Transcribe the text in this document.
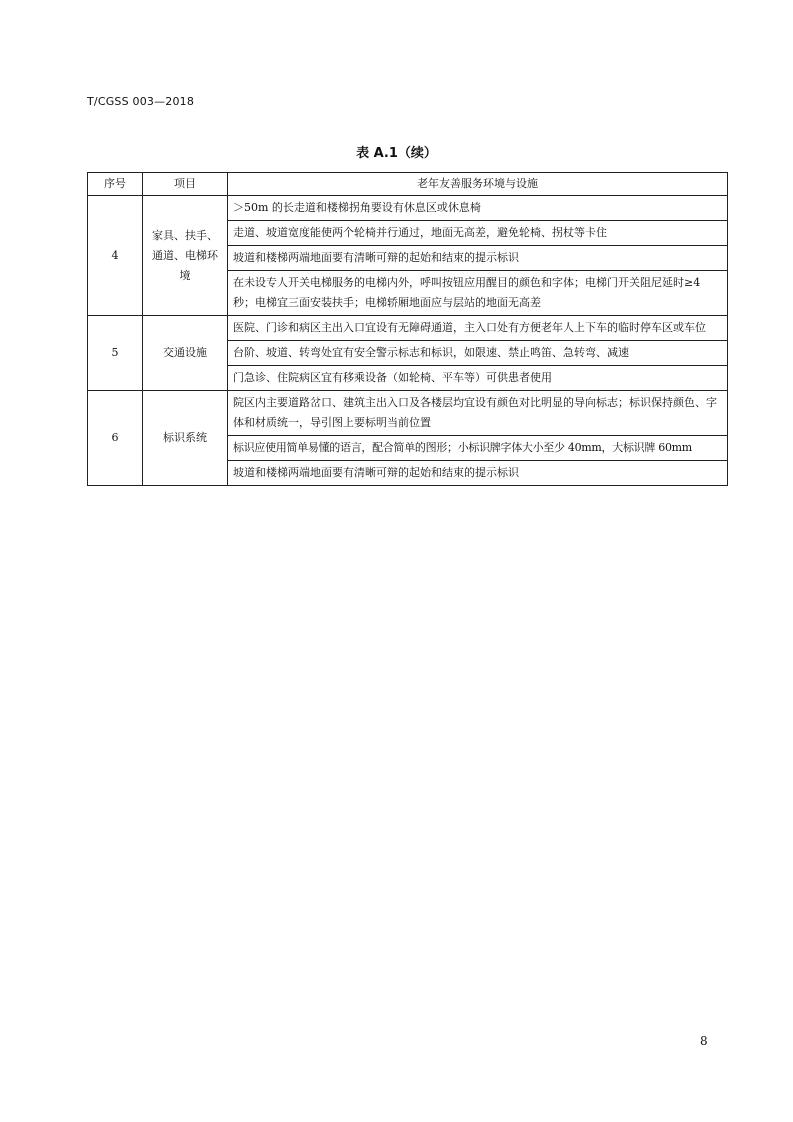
T/CGSS 003—2018
表 A.1（续）
序号	项目	老年友善服务环境与设施
4	家具、扶手、通道、电梯环境	＞50m 的长走道和楼梯拐角要设有休息区或休息椅
		走道、坡道宽度能使两个轮椅并行通过，地面无高差，避免轮椅、拐杖等卡住
		坡道和楼梯两端地面要有清晰可辩的起始和结束的提示标识
		在未设专人开关电梯服务的电梯内外，呼叫按钮应用醒目的颜色和字体；电梯门开关阻尼延时≥4 秒；电梯宜三面安装扶手；电梯轿厢地面应与层站的地面无高差
5	交通设施	医院、门诊和病区主出入口宜设有无障碍通道，主入口处有方便老年人上下车的临时停车区或车位
		台阶、坡道、转弯处宜有安全警示标志和标识，如限速、禁止鸣笛、急转弯、减速
		门急诊、住院病区宜有移乘设备（如轮椅、平车等）可供患者使用
6	标识系统	院区内主要道路岔口、建筑主出入口及各楼层均宜设有颜色对比明显的导向标志；标识保持颜色、字体和材质统一，导引图上要标明当前位置
		标识应使用简单易懂的语言，配合简单的图形；小标识牌字体大小至少 40mm，大标识牌 60mm
		坡道和楼梯两端地面要有清晰可辩的起始和结束的提示标识
8
